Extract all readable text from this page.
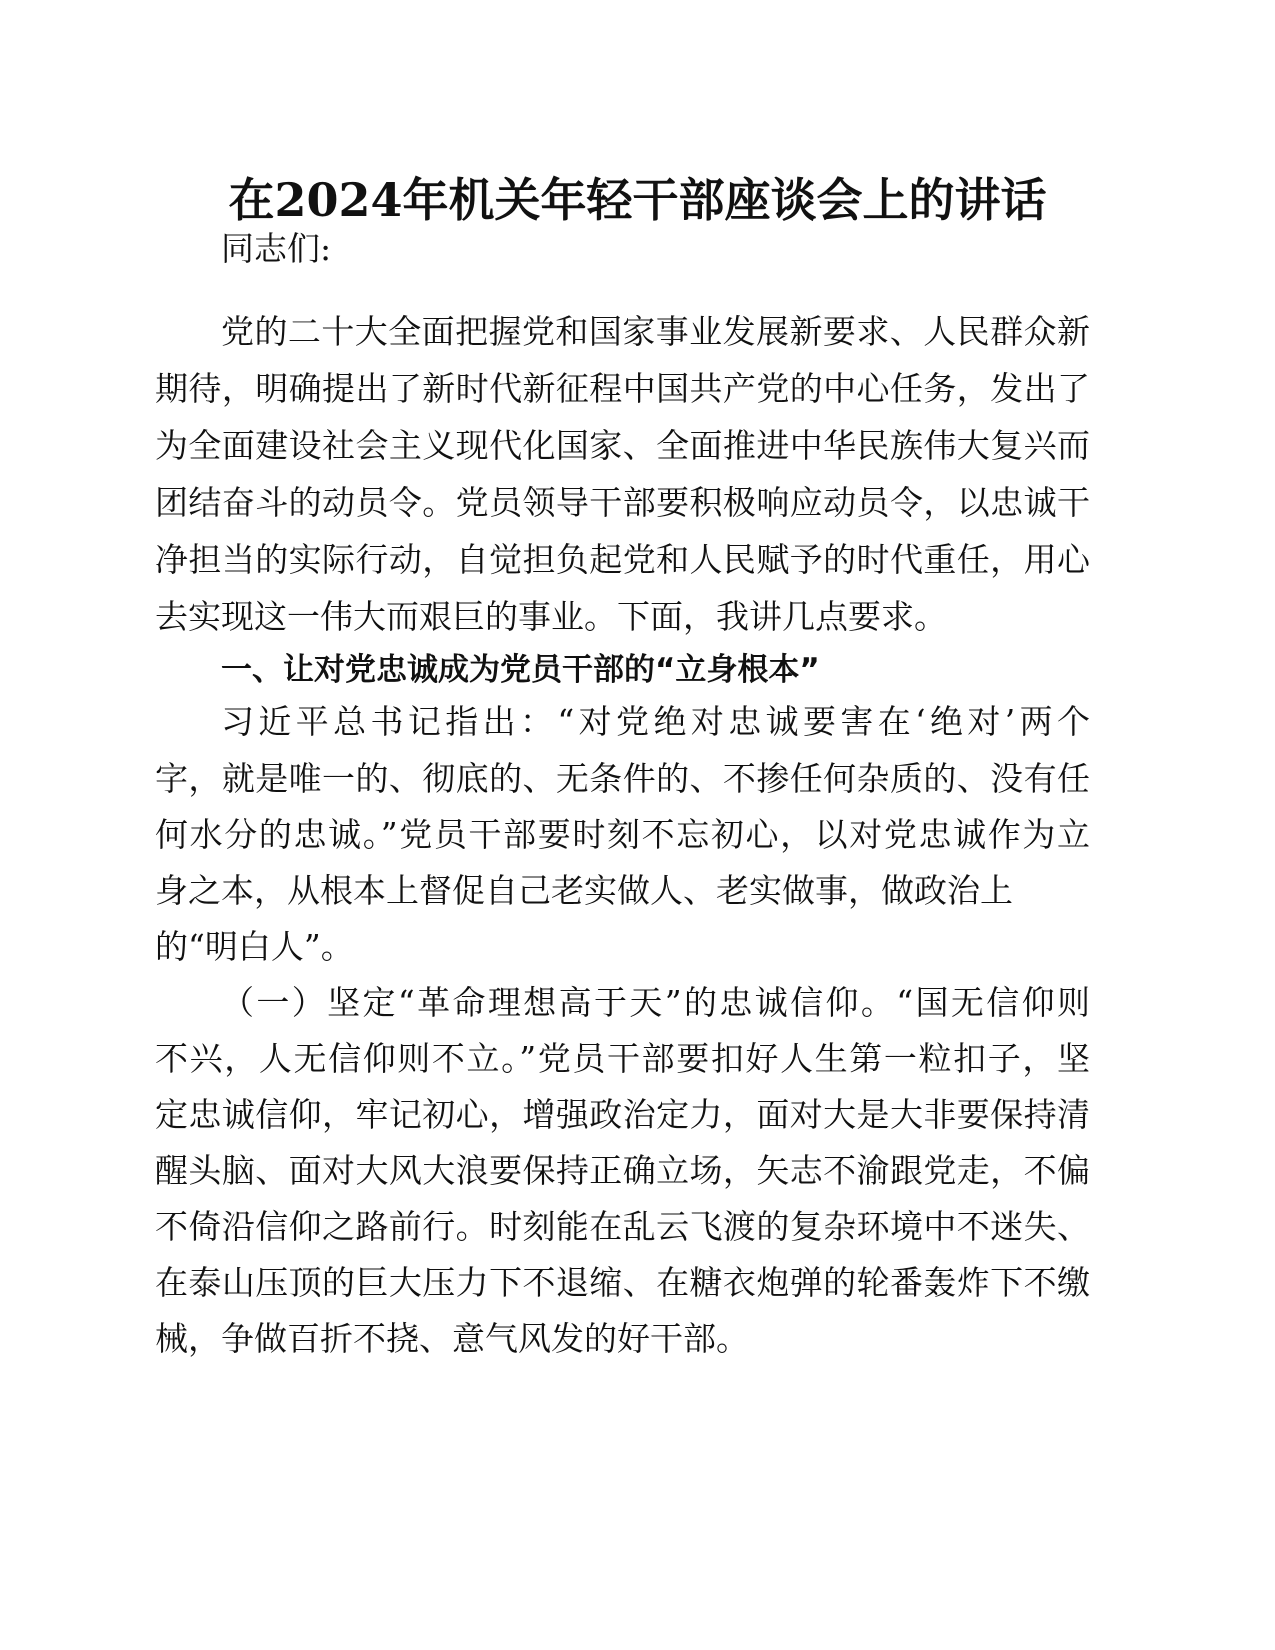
在2024年机关年轻干部座谈会上的讲话
同志们:
党的二十大全面把握党和国家事业发展新要求、人民群众新
期待，明确提出了新时代新征程中国共产党的中心任务，发出了
为全面建设社会主义现代化国家、全面推进中华民族伟大复兴而
团结奋斗的动员令。党员领导干部要积极响应动员令，以忠诚干
净担当的实际行动，自觉担负起党和人民赋予的时代重任，用心
去实现这一伟大而艰巨的事业。下面，我讲几点要求。
一、让对党忠诚成为党员干部的“立身根本”
习近平总书记指出：“对党绝对忠诚要害在‘绝对’两个
字，就是唯一的、彻底的、无条件的、不掺任何杂质的、没有任
何水分的忠诚。”党员干部要时刻不忘初心，以对党忠诚作为立
身之本，从根本上督促自己老实做人、老实做事，做政治上
的“明白人”。
（一）坚定“革命理想高于天”的忠诚信仰。“国无信仰则
不兴，人无信仰则不立。”党员干部要扣好人生第一粒扣子，坚
定忠诚信仰，牢记初心，增强政治定力，面对大是大非要保持清
醒头脑、面对大风大浪要保持正确立场，矢志不渝跟党走，不偏
不倚沿信仰之路前行。时刻能在乱云飞渡的复杂环境中不迷失、
在泰山压顶的巨大压力下不退缩、在糖衣炮弹的轮番轰炸下不缴
械，争做百折不挠、意气风发的好干部。
